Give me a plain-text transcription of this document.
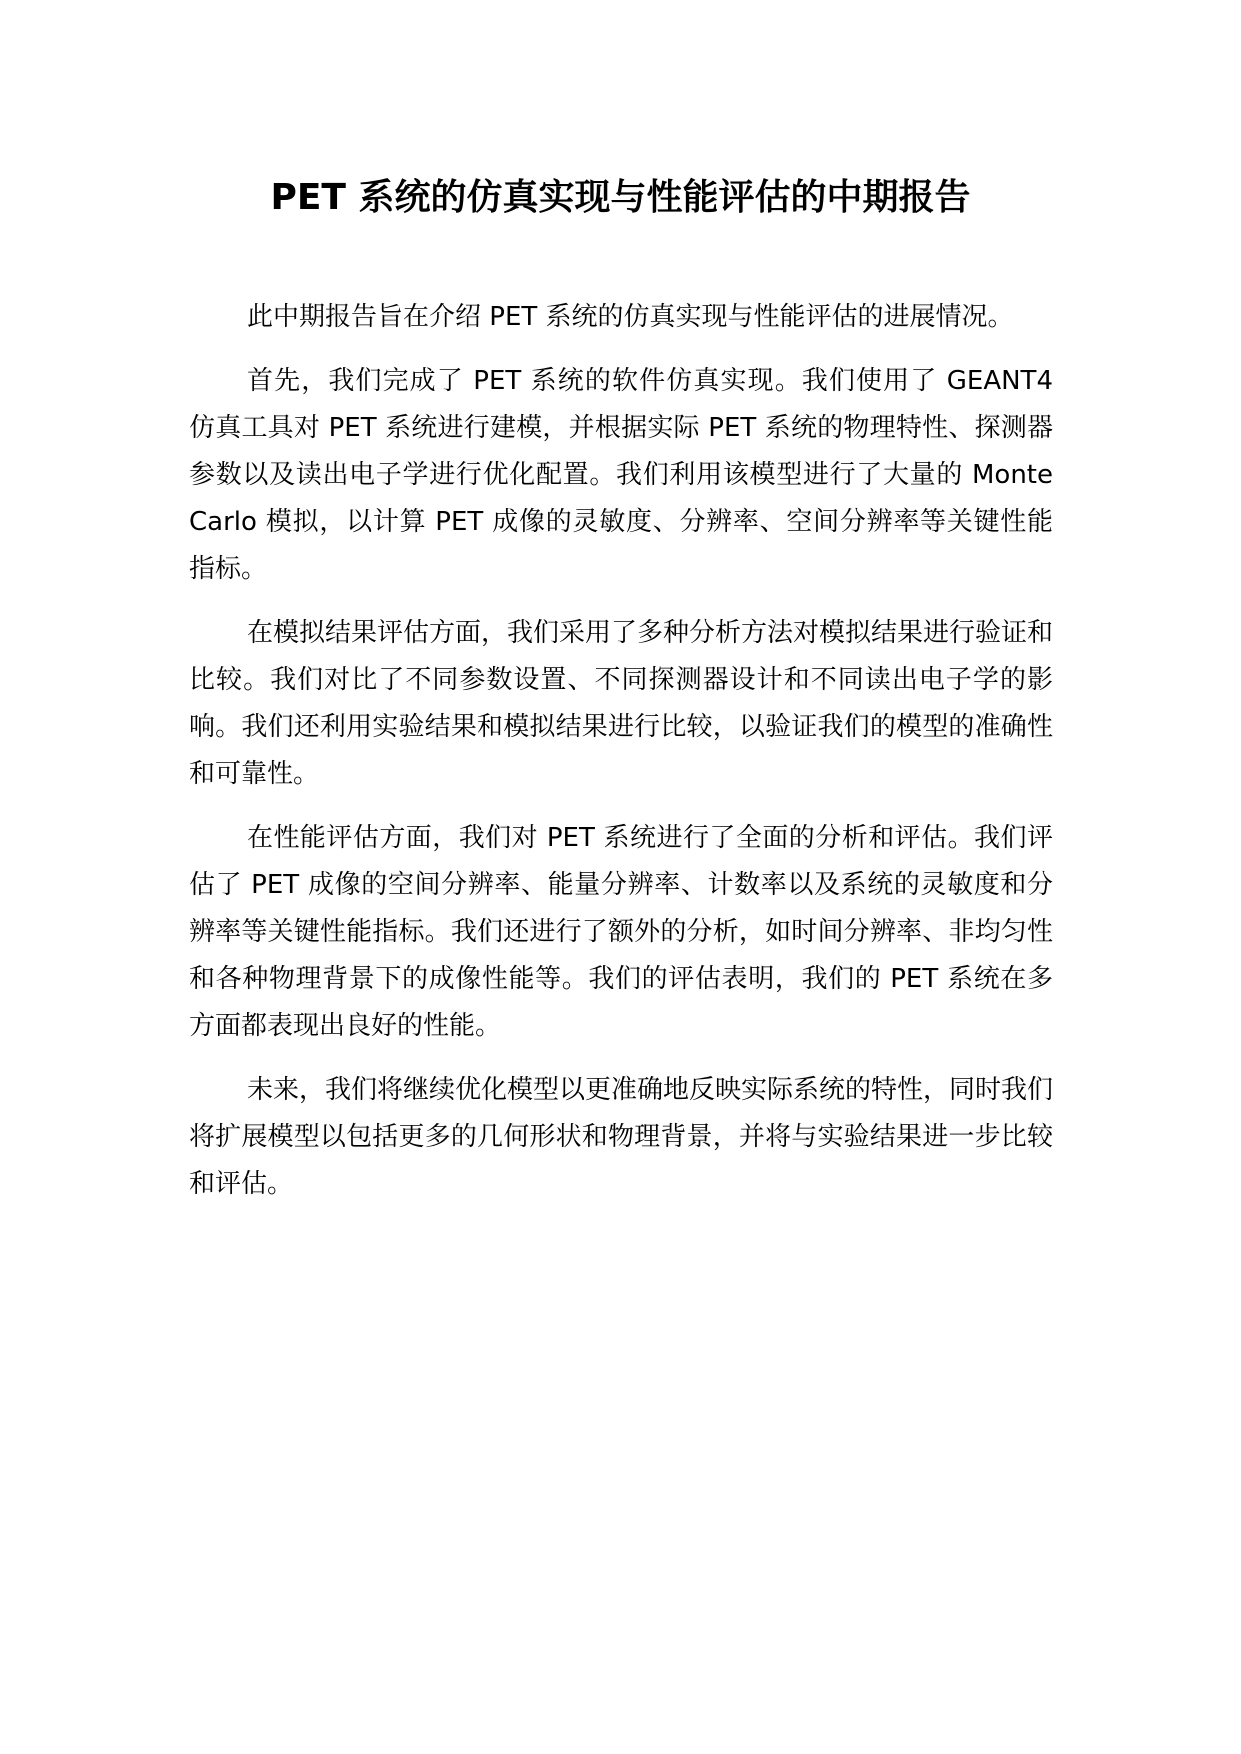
PET 系统的仿真实现与性能评估的中期报告

此中期报告旨在介绍 PET 系统的仿真实现与性能评估的进展情况。

首先，我们完成了 PET 系统的软件仿真实现。我们使用了 GEANT4 仿真工具对 PET 系统进行建模，并根据实际 PET 系统的物理特性、探测器参数以及读出电子学进行优化配置。我们利用该模型进行了大量的 Monte Carlo 模拟，以计算 PET 成像的灵敏度、分辨率、空间分辨率等关键性能指标。

在模拟结果评估方面，我们采用了多种分析方法对模拟结果进行验证和比较。我们对比了不同参数设置、不同探测器设计和不同读出电子学的影响。我们还利用实验结果和模拟结果进行比较，以验证我们的模型的准确性和可靠性。

在性能评估方面，我们对 PET 系统进行了全面的分析和评估。我们评估了 PET 成像的空间分辨率、能量分辨率、计数率以及系统的灵敏度和分辨率等关键性能指标。我们还进行了额外的分析，如时间分辨率、非均匀性和各种物理背景下的成像性能等。我们的评估表明，我们的 PET 系统在多方面都表现出良好的性能。

未来，我们将继续优化模型以更准确地反映实际系统的特性，同时我们将扩展模型以包括更多的几何形状和物理背景，并将与实验结果进一步比较和评估。
